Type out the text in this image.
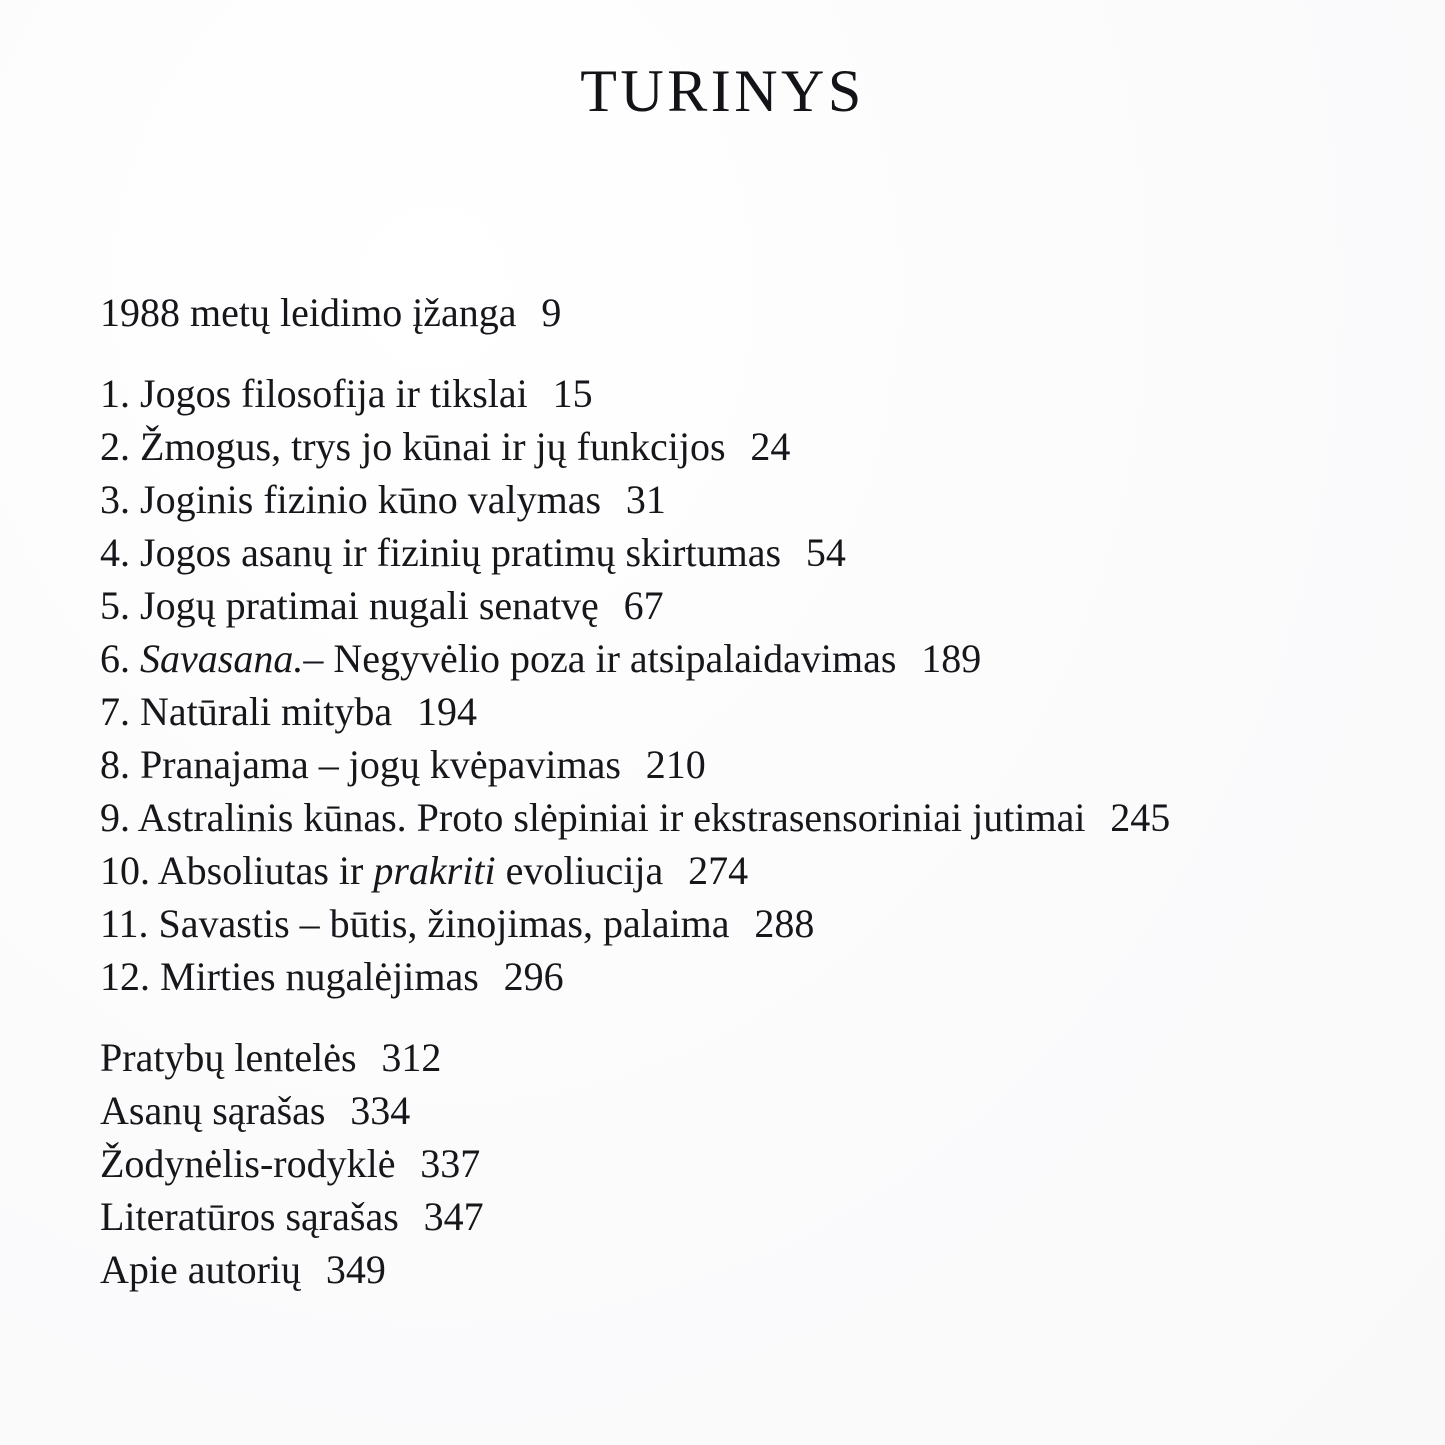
TURINYS
1988 metų leidimo įžanga 9
1. Jogos filosofija ir tikslai 15
2. Žmogus, trys jo kūnai ir jų funkcijos 24
3. Joginis fizinio kūno valymas 31
4. Jogos asanų ir fizinių pratimų skirtumas 54
5. Jogų pratimai nugali senatvę 67
6. Savasana.– Negyvėlio poza ir atsipalaidavimas 189
7. Natūrali mityba 194
8. Pranajama – jogų kvėpavimas 210
9. Astralinis kūnas. Proto slėpiniai ir ekstrasensoriniai jutimai 245
10. Absoliutas ir prakriti evoliucija 274
11. Savastis – būtis, žinojimas, palaima 288
12. Mirties nugalėjimas 296
Pratybų lentelės 312
Asanų sąrašas 334
Žodynėlis-rodyklė 337
Literatūros sąrašas 347
Apie autorių 349
